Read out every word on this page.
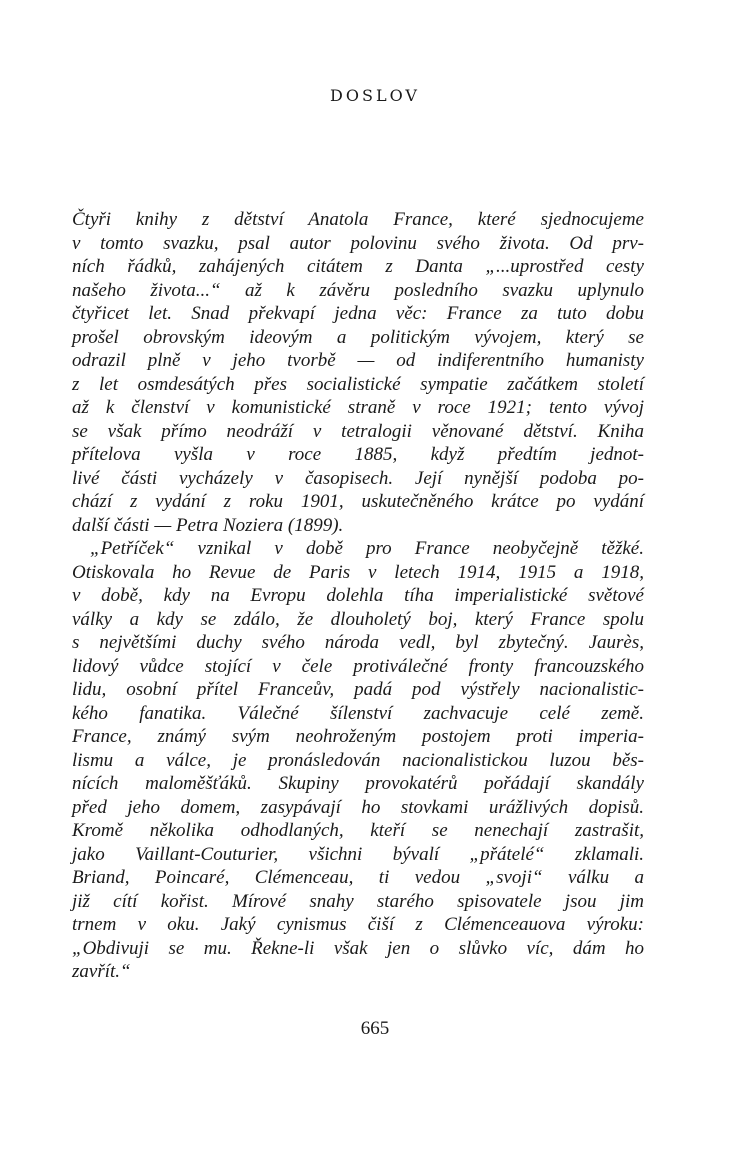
DOSLOV
Čtyři knihy z dětství Anatola France, které sjednocujeme
v tomto svazku, psal autor polovinu svého života. Od prv-
ních řádků, zahájených citátem z Danta „...uprostřed cesty
našeho života...“ až k závěru posledního svazku uplynulo
čtyřicet let. Snad překvapí jedna věc: France za tuto dobu
prošel obrovským ideovým a politickým vývojem, který se
odrazil plně v jeho tvorbě — od indiferentního humanisty
z let osmdesátých přes socialistické sympatie začátkem století
až k členství v komunistické straně v roce 1921; tento vývoj
se však přímo neodráží v tetralogii věnované dětství. Kniha
přítelova vyšla v roce 1885, když předtím jednot-
livé části vycházely v časopisech. Její nynější podoba po-
chází z vydání z roku 1901, uskutečněného krátce po vydání
další části — Petra Noziera (1899).
„Petříček“ vznikal v době pro France neobyčejně těžké.
Otiskovala ho Revue de Paris v letech 1914, 1915 a 1918,
v době, kdy na Evropu dolehla tíha imperialistické světové
války a kdy se zdálo, že dlouholetý boj, který France spolu
s největšími duchy svého národa vedl, byl zbytečný. Jaurès,
lidový vůdce stojící v čele protiválečné fronty francouzského
lidu, osobní přítel Franceův, padá pod výstřely nacionalistic-
kého fanatika. Válečné šílenství zachvacuje celé země.
France, známý svým neohroženým postojem proti imperia-
lismu a válce, je pronásledován nacionalistickou luzou běs-
nících maloměšťáků. Skupiny provokatérů pořádají skandály
před jeho domem, zasypávají ho stovkami urážlivých dopisů.
Kromě několika odhodlaných, kteří se nenechají zastrašit,
jako Vaillant-Couturier, všichni bývalí „přátelé“ zklamali.
Briand, Poincaré, Clémenceau, ti vedou „svoji“ válku a
již cítí kořist. Mírové snahy starého spisovatele jsou jim
trnem v oku. Jaký cynismus čiší z Clémenceauova výroku:
„Obdivuji se mu. Řekne-li však jen o slůvko víc, dám ho
zavřít.“
665
